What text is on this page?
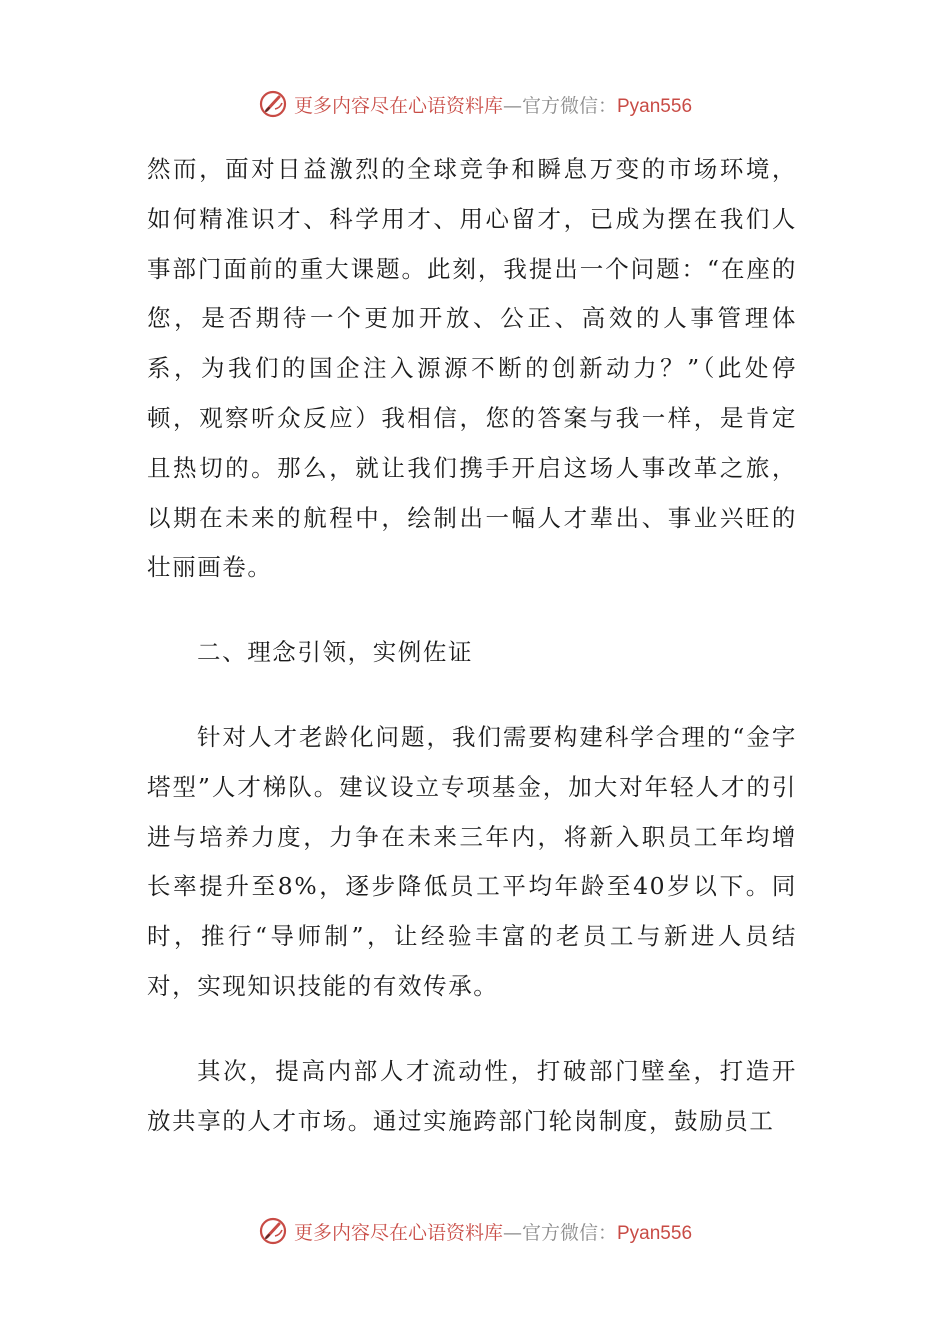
更多内容尽在心语资料库—官方微信：Pyan556

然而，面对日益激烈的全球竞争和瞬息万变的市场环境，如何精准识才、科学用才、用心留才，已成为摆在我们人事部门面前的重大课题。此刻，我提出一个问题：“在座的您，是否期待一个更加开放、公正、高效的人事管理体系，为我们的国企注入源源不断的创新动力？”（此处停顿，观察听众反应）我相信，您的答案与我一样，是肯定且热切的。那么，就让我们携手开启这场人事改革之旅，以期在未来的航程中，绘制出一幅人才辈出、事业兴旺的壮丽画卷。

二、理念引领，实例佐证

针对人才老龄化问题，我们需要构建科学合理的“金字塔型”人才梯队。建议设立专项基金，加大对年轻人才的引进与培养力度，力争在未来三年内，将新入职员工年均增长率提升至8%，逐步降低员工平均年龄至40岁以下。同时，推行“导师制”，让经验丰富的老员工与新进人员结对，实现知识技能的有效传承。

其次，提高内部人才流动性，打破部门壁垒，打造开放共享的人才市场。通过实施跨部门轮岗制度，鼓励员工

更多内容尽在心语资料库—官方微信：Pyan556
